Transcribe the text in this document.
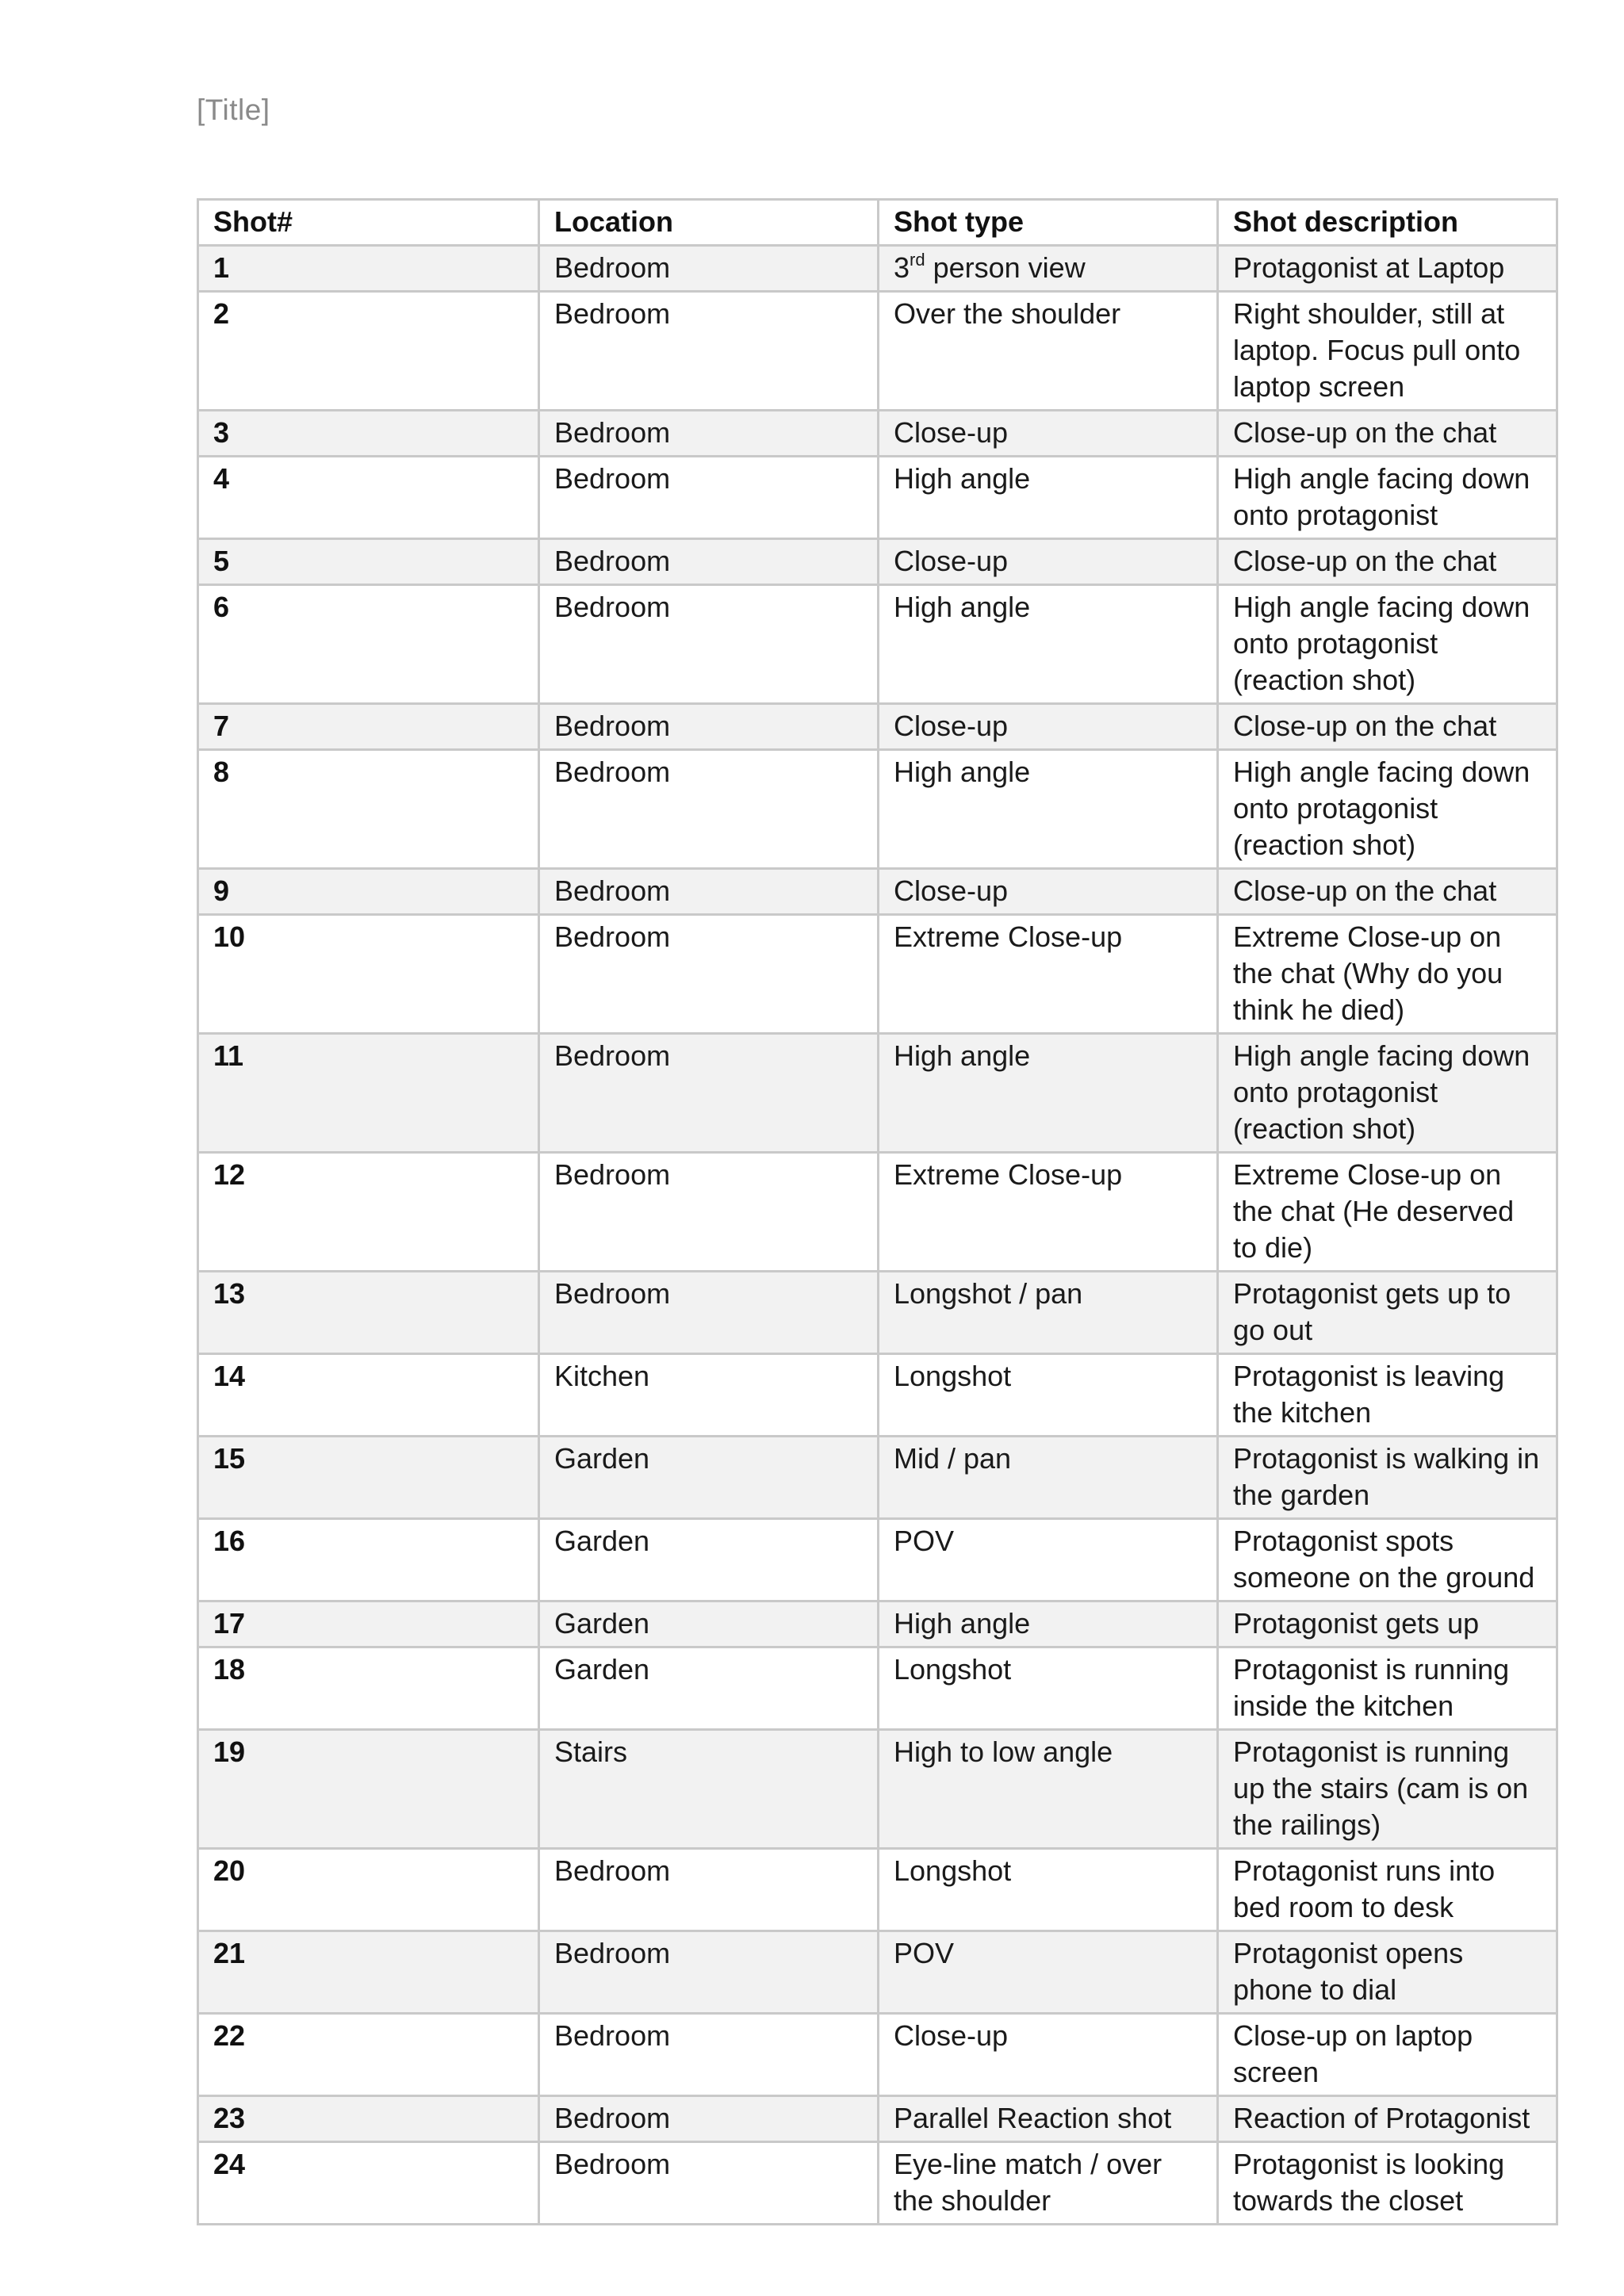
[Title]
Shot#	Location	Shot type	Shot description
1	Bedroom	3rd person view	Protagonist at Laptop
2	Bedroom	Over the shoulder	Right shoulder, still at laptop. Focus pull onto laptop screen
3	Bedroom	Close-up	Close-up on the chat
4	Bedroom	High angle	High angle facing down onto protagonist
5	Bedroom	Close-up	Close-up on the chat
6	Bedroom	High angle	High angle facing down onto protagonist (reaction shot)
7	Bedroom	Close-up	Close-up on the chat
8	Bedroom	High angle	High angle facing down onto protagonist (reaction shot)
9	Bedroom	Close-up	Close-up on the chat
10	Bedroom	Extreme Close-up	Extreme Close-up on the chat (Why do you think he died)
11	Bedroom	High angle	High angle facing down onto protagonist (reaction shot)
12	Bedroom	Extreme Close-up	Extreme Close-up on the chat (He deserved to die)
13	Bedroom	Longshot / pan	Protagonist gets up to go out
14	Kitchen	Longshot	Protagonist is leaving the kitchen
15	Garden	Mid / pan	Protagonist is walking in the garden
16	Garden	POV	Protagonist spots someone on the ground
17	Garden	High angle	Protagonist gets up
18	Garden	Longshot	Protagonist is running inside the kitchen
19	Stairs	High to low angle	Protagonist is running up the stairs (cam is on the railings)
20	Bedroom	Longshot	Protagonist runs into bed room to desk
21	Bedroom	POV	Protagonist opens phone to dial
22	Bedroom	Close-up	Close-up on laptop screen
23	Bedroom	Parallel Reaction shot	Reaction of Protagonist
24	Bedroom	Eye-line match / over the shoulder	Protagonist is looking towards the closet
